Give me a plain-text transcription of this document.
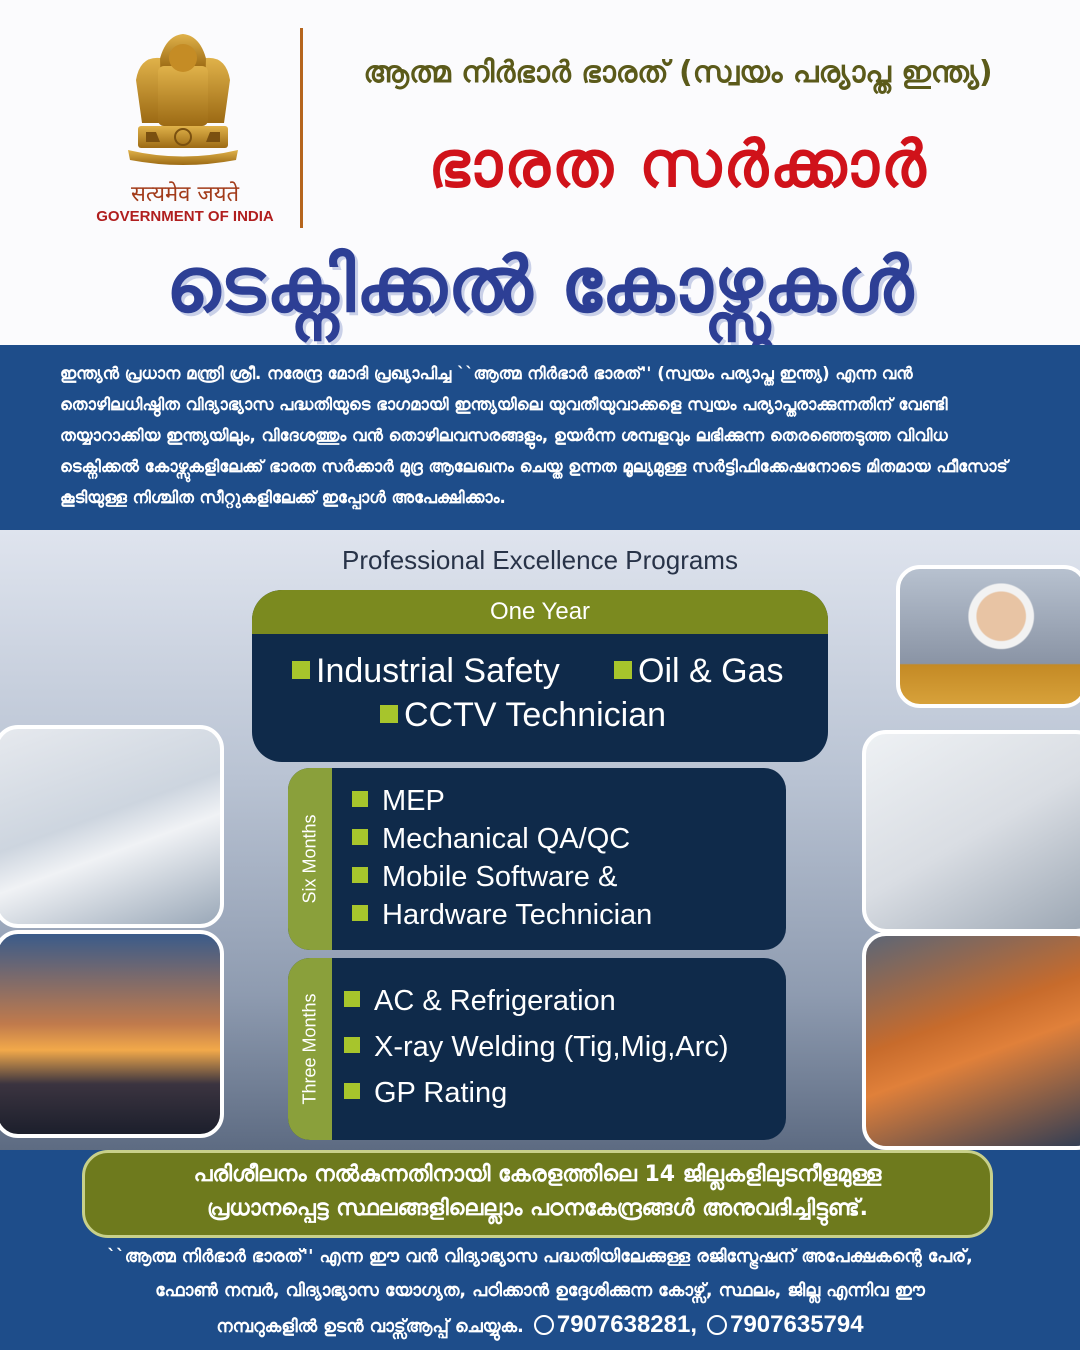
सत्यमेव जयते
GOVERNMENT OF INDIA
ആത്മ നിർഭാർ ഭാരത് (സ്വയം പര്യാപ്ത ഇന്ത്യ)
ഭാരത സർക്കാർ
ടെക്നിക്കൽ കോഴ്സുകൾ
ഇന്ത്യൻ പ്രധാന മന്ത്രി ശ്രീ. നരേന്ദ്ര മോദി പ്രഖ്യാപിച്ച ``ആത്മ നിർഭാർ ഭാരത്'' (സ്വയം പര്യാപ്ത ഇന്ത്യ) എന്ന വൻ തൊഴിലധിഷ്ഠിത വിദ്യാഭ്യാസ പദ്ധതിയുടെ ഭാഗമായി ഇന്ത്യയിലെ യുവതീയുവാക്കളെ സ്വയം പര്യാപ്തരാക്കുന്നതിന് വേണ്ടി തയ്യാറാക്കിയ ഇന്ത്യയിലും, വിദേശത്തും വൻ തൊഴിലവസരങ്ങളും, ഉയർന്ന ശമ്പളവും ലഭിക്കുന്ന തെരഞ്ഞെടുത്ത വിവിധ ടെക്നിക്കൽ കോഴ്സുകളിലേക്ക് ഭാരത സർക്കാർ മുദ്ര ആലേഖനം ചെയ്ത ഉന്നത മൂല്യമുള്ള സർട്ടിഫിക്കേഷനോടെ മിതമായ ഫീസോട് കൂടിയുള്ള നിശ്ചിത സീറ്റുകളിലേക്ക് ഇപ്പോൾ അപേക്ഷിക്കാം.
Professional Excellence Programs
One Year
Industrial Safety	Oil & Gas
CCTV Technician
Six Months
MEP
Mechanical QA/QC
Mobile Software &
Hardware Technician
Three Months	AC & Refrigeration
X-ray Welding (Tig,Mig,Arc)
GP Rating
പരിശീലനം നൽകുന്നതിനായി കേരളത്തിലെ 14 ജില്ലകളിലുടനീളമുള്ള
പ്രധാനപ്പെട്ട സ്ഥലങ്ങളിലെല്ലാം പഠനകേന്ദ്രങ്ങൾ അനുവദിച്ചിട്ടുണ്ട്.
``ആത്മ നിർഭാർ ഭാരത്'' എന്ന ഈ വൻ വിദ്യാഭ്യാസ പദ്ധതിയിലേക്കുള്ള രജിസ്ട്രേഷന് അപേക്ഷകന്റെ പേര്,
ഫോൺ നമ്പർ, വിദ്യാഭ്യാസ യോഗ്യത, പഠിക്കാൻ ഉദ്ദേശിക്കുന്ന കോഴ്സ്, സ്ഥലം, ജില്ല എന്നിവ ഈ
നമ്പറുകളിൽ ഉടൻ വാട്സ്ആപ്പ് ചെയ്യുക. 7907638281, 7907635794
